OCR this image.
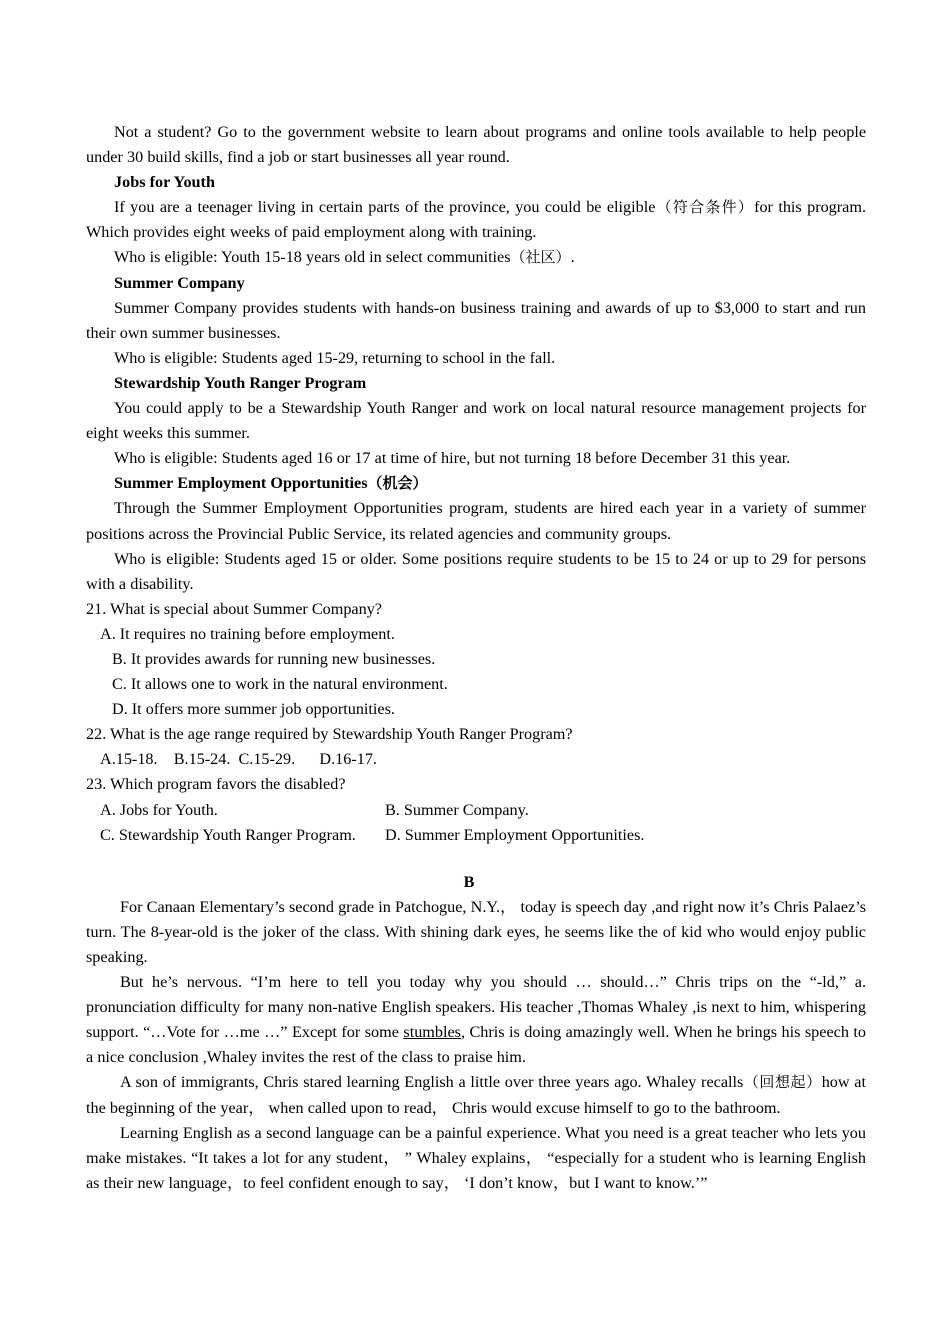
Not a student? Go to the government website to learn about programs and online tools available to help people under 30 build skills, find a job or start businesses all year round.

Jobs for Youth

If you are a teenager living in certain parts of the province, you could be eligible（符合条件）for this program. Which provides eight weeks of paid employment along with training.

Who is eligible: Youth 15-18 years old in select communities（社区）.

Summer Company

Summer Company provides students with hands-on business training and awards of up to $3,000 to start and run their own summer businesses.

Who is eligible: Students aged 15-29, returning to school in the fall.

Stewardship Youth Ranger Program

You could apply to be a Stewardship Youth Ranger and work on local natural resource management projects for eight weeks this summer.

Who is eligible: Students aged 16 or 17 at time of hire, but not turning 18 before December 31 this year.

Summer Employment Opportunities（机会）

Through the Summer Employment Opportunities program, students are hired each year in a variety of summer positions across the Provincial Public Service, its related agencies and community groups.

Who is eligible: Students aged 15 or older. Some positions require students to be 15 to 24 or up to 29 for persons with a disability.

21. What is special about Summer Company?
A. It requires no training before employment.
B. It provides awards for running new businesses.
C. It allows one to work in the natural environment.
D. It offers more summer job opportunities.
22. What is the age range required by Stewardship Youth Ranger Program?
A.15-18.    B.15-24.  C.15-29.      D.16-17.
23. Which program favors the disabled?
A. Jobs for Youth.	B. Summer Company.
C. Stewardship Youth Ranger Program.	D. Summer Employment Opportunities.

B

For Canaan Elementary’s second grade in Patchogue, N.Y.， today is speech day ,and right now it’s Chris Palaez’s turn. The 8-year-old is the joker of the class. With shining dark eyes, he seems like the of kid who would enjoy public speaking.

But he’s nervous. “I’m here to tell you today why you should … should…” Chris trips on the “-ld,” a. pronunciation difficulty for many non-native English speakers. His teacher ,Thomas Whaley ,is next to him, whispering support. “…Vote for …me …” Except for some stumbles, Chris is doing amazingly well. When he brings his speech to a nice conclusion ,Whaley invites the rest of the class to praise him.

A son of immigrants, Chris stared learning English a little over three years ago. Whaley recalls（回想起）how at the beginning of the year， when called upon to read， Chris would excuse himself to go to the bathroom.

Learning English as a second language can be a painful experience. What you need is a great teacher who lets you make mistakes. “It takes a lot for any student， ” Whaley explains， “especially for a student who is learning English as their new language，to feel confident enough to say， ‘I don’t know，but I want to know.’”
